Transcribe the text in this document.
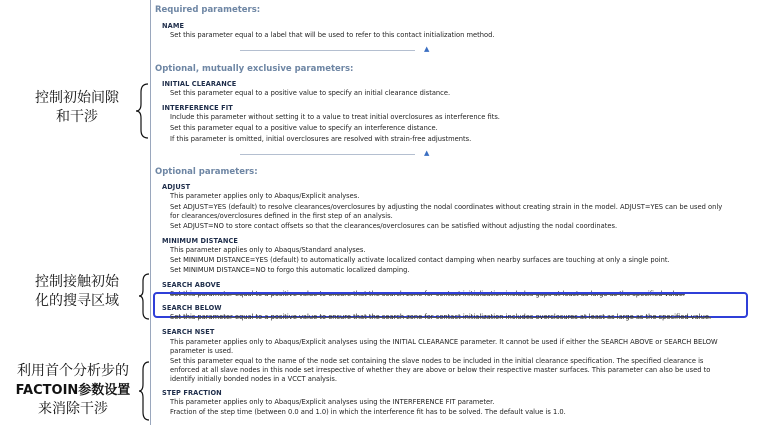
Required parameters:
NAME
Set this parameter equal to a label that will be used to refer to this contact initialization method.
▲
Optional, mutually exclusive parameters:
INITIAL CLEARANCE
Set this parameter equal to a positive value to specify an initial clearance distance.
INTERFERENCE FIT
Include this parameter without setting it to a value to treat initial overclosures as interference fits.
Set this parameter equal to a positive value to specify an interference distance.
If this parameter is omitted, initial overclosures are resolved with strain-free adjustments.
▲
Optional parameters:
ADJUST
This parameter applies only to Abaqus/Explicit analyses.
Set ADJUST=YES (default) to resolve clearances/overclosures by adjusting the nodal coordinates without creating strain in the model. ADJUST=YES can be used only
for clearances/overclosures defined in the first step of an analysis.
Set ADJUST=NO to store contact offsets so that the clearances/overclosures can be satisfied without adjusting the nodal coordinates.
MINIMUM DISTANCE
This parameter applies only to Abaqus/Standard analyses.
Set MINIMUM DISTANCE=YES (default) to automatically activate localized contact damping when nearby surfaces are touching at only a single point.
Set MINIMUM DISTANCE=NO to forgo this automatic localized damping.
SEARCH ABOVE
Set this parameter equal to a positive value to ensure that the search zone for contact initialization includes gaps at least as large as the specified value.
SEARCH BELOW
Set this parameter equal to a positive value to ensure that the search zone for contact initialization includes overclosures at least as large as the specified value.
SEARCH NSET
This parameter applies only to Abaqus/Explicit analyses using the INITIAL CLEARANCE parameter. It cannot be used if either the SEARCH ABOVE or SEARCH BELOW
parameter is used.
Set this parameter equal to the name of the node set containing the slave nodes to be included in the initial clearance specification. The specified clearance is
enforced at all slave nodes in this node set irrespective of whether they are above or below their respective master surfaces. This parameter can also be used to
identify initially bonded nodes in a VCCT analysis.
STEP FRACTION
This parameter applies only to Abaqus/Explicit analyses using the INTERFERENCE FIT parameter.
Fraction of the step time (between 0.0 and 1.0) in which the interference fit has to be solved. The default value is 1.0.
控制初始间隙
和干涉
控制接触初始
化的搜寻区域
利用首个分析步的
FACTOIN参数设置
来消除干涉
